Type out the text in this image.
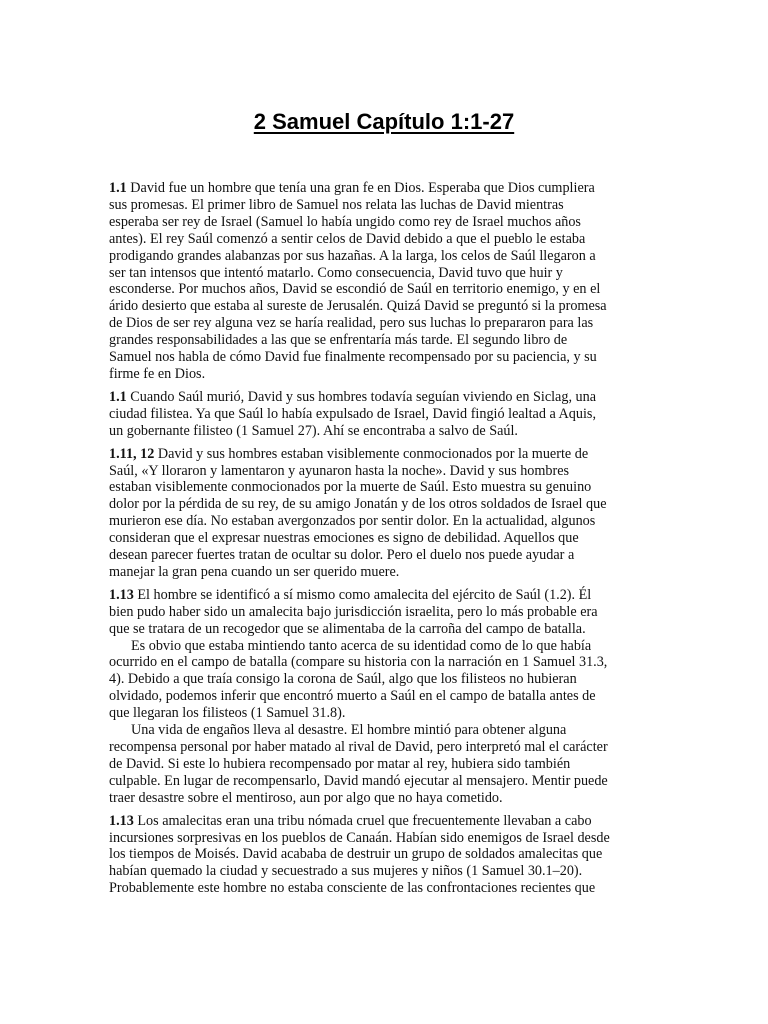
2 Samuel Capítulo 1:1-27
1.1 David fue un hombre que tenía una gran fe en Dios. Esperaba que Dios cumpliera
sus promesas. El primer libro de Samuel nos relata las luchas de David mientras
esperaba ser rey de Israel (Samuel lo había ungido como rey de Israel muchos años
antes). El rey Saúl comenzó a sentir celos de David debido a que el pueblo le estaba
prodigando grandes alabanzas por sus hazañas. A la larga, los celos de Saúl llegaron a
ser tan intensos que intentó matarlo. Como consecuencia, David tuvo que huir y
esconderse. Por muchos años, David se escondió de Saúl en territorio enemigo, y en el
árido desierto que estaba al sureste de Jerusalén. Quizá David se preguntó si la promesa
de Dios de ser rey alguna vez se haría realidad, pero sus luchas lo prepararon para las
grandes responsabilidades a las que se enfrentaría más tarde. El segundo libro de
Samuel nos habla de cómo David fue finalmente recompensado por su paciencia, y su
firme fe en Dios.
1.1 Cuando Saúl murió, David y sus hombres todavía seguían viviendo en Siclag, una
ciudad filistea. Ya que Saúl lo había expulsado de Israel, David fingió lealtad a Aquis,
un gobernante filisteo (1 Samuel 27). Ahí se encontraba a salvo de Saúl.
1.11, 12 David y sus hombres estaban visiblemente conmocionados por la muerte de
Saúl, «Y lloraron y lamentaron y ayunaron hasta la noche». David y sus hombres
estaban visiblemente conmocionados por la muerte de Saúl. Esto muestra su genuino
dolor por la pérdida de su rey, de su amigo Jonatán y de los otros soldados de Israel que
murieron ese día. No estaban avergonzados por sentir dolor. En la actualidad, algunos
consideran que el expresar nuestras emociones es signo de debilidad. Aquellos que
desean parecer fuertes tratan de ocultar su dolor. Pero el duelo nos puede ayudar a
manejar la gran pena cuando un ser querido muere.
1.13 El hombre se identificó a sí mismo como amalecita del ejército de Saúl (1.2). Él
bien pudo haber sido un amalecita bajo jurisdicción israelita, pero lo más probable era
que se tratara de un recogedor que se alimentaba de la carroña del campo de batalla.
Es obvio que estaba mintiendo tanto acerca de su identidad como de lo que había
ocurrido en el campo de batalla (compare su historia con la narración en 1 Samuel 31.3,
4). Debido a que traía consigo la corona de Saúl, algo que los filisteos no hubieran
olvidado, podemos inferir que encontró muerto a Saúl en el campo de batalla antes de
que llegaran los filisteos (1 Samuel 31.8).
Una vida de engaños lleva al desastre. El hombre mintió para obtener alguna
recompensa personal por haber matado al rival de David, pero interpretó mal el carácter
de David. Si este lo hubiera recompensado por matar al rey, hubiera sido también
culpable. En lugar de recompensarlo, David mandó ejecutar al mensajero. Mentir puede
traer desastre sobre el mentiroso, aun por algo que no haya cometido.
1.13 Los amalecitas eran una tribu nómada cruel que frecuentemente llevaban a cabo
incursiones sorpresivas en los pueblos de Canaán. Habían sido enemigos de Israel desde
los tiempos de Moisés. David acababa de destruir un grupo de soldados amalecitas que
habían quemado la ciudad y secuestrado a sus mujeres y niños (1 Samuel 30.1–20).
Probablemente este hombre no estaba consciente de las confrontaciones recientes que
